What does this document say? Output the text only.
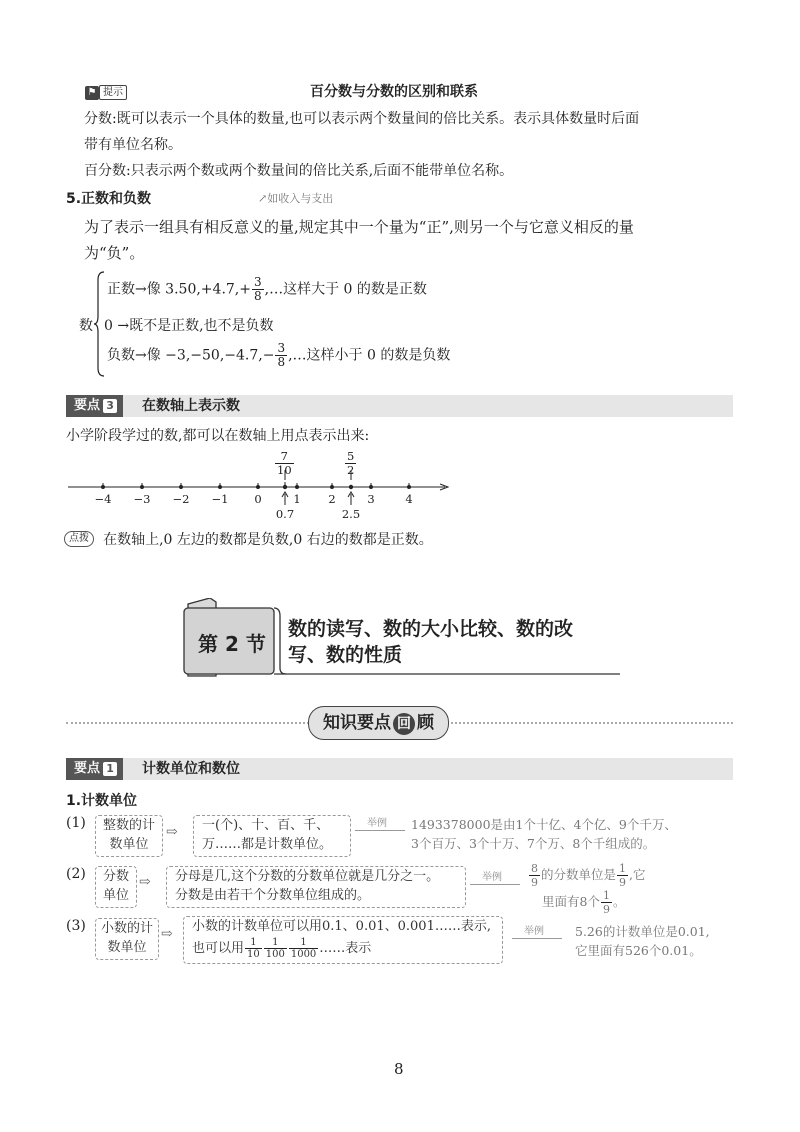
⚑ 提示	百分数与分数的区别和联系
分数:既可以表示一个具体的数量,也可以表示两个数量间的倍比关系。表示具体数量时后面
带有单位名称。
百分数:只表示两个数或两个数量间的倍比关系,后面不能带单位名称。
5.正数和负数	↗如收入与支出
为了表示一组具有相反意义的量,规定其中一个量为“正”,则另一个与它意义相反的量
为“负”。
数
正数→像 $3.50,+4.7,+ \frac{3}{8}$ ,…这样大于 0 的数是正数
0 →既不是正数,也不是负数
负数→像 $-3,-50,-4.7,- \frac{3}{8}$ ,…这样小于 0 的数是负数
要点 3	在数轴上表示数
小学阶段学过的数,都可以在数轴上用点表示出来:
−4 −3 −2 −1 0	1 2	3	4
$\frac{7}{10}$	$\frac{5}{2}$
0.7	2.5
点拨 在数轴上,0 左边的数都是负数,0 右边的数都是正数。
第 2 节
数的读写、数的大小比较、数的改
写、数的性质
知识要点 回 顾
要点 1	计数单位和数位
1.计数单位
(1)	整数的计
数单位
⇨ 一(个)、十、百、千、
万……都是计数单位。
举例 1493378000是由1个十亿、4个亿、9个千万、
3个百万、3个十万、7个万、8个千组成的。
(2)	分数
单位
⇨ 分母是几,这个分数的分数单位就是几分之一。
分数是由若干个分数单位组成的。
举例 $\frac{8}{9}$ 的分数单位是 $\frac{1}{9}$ ,它
里面有8个 $\frac{1}{9}$ 。
(3)	小数的计
数单位
⇨ 小数的计数单位可以用0.1、0.01、0.001……表示,
也可以用 $\frac{1}{10} \frac{1}{100} \frac{1}{1000}$ ……表示
举例 5.26的计数单位是0.01,
它里面有526个0.01。
8
